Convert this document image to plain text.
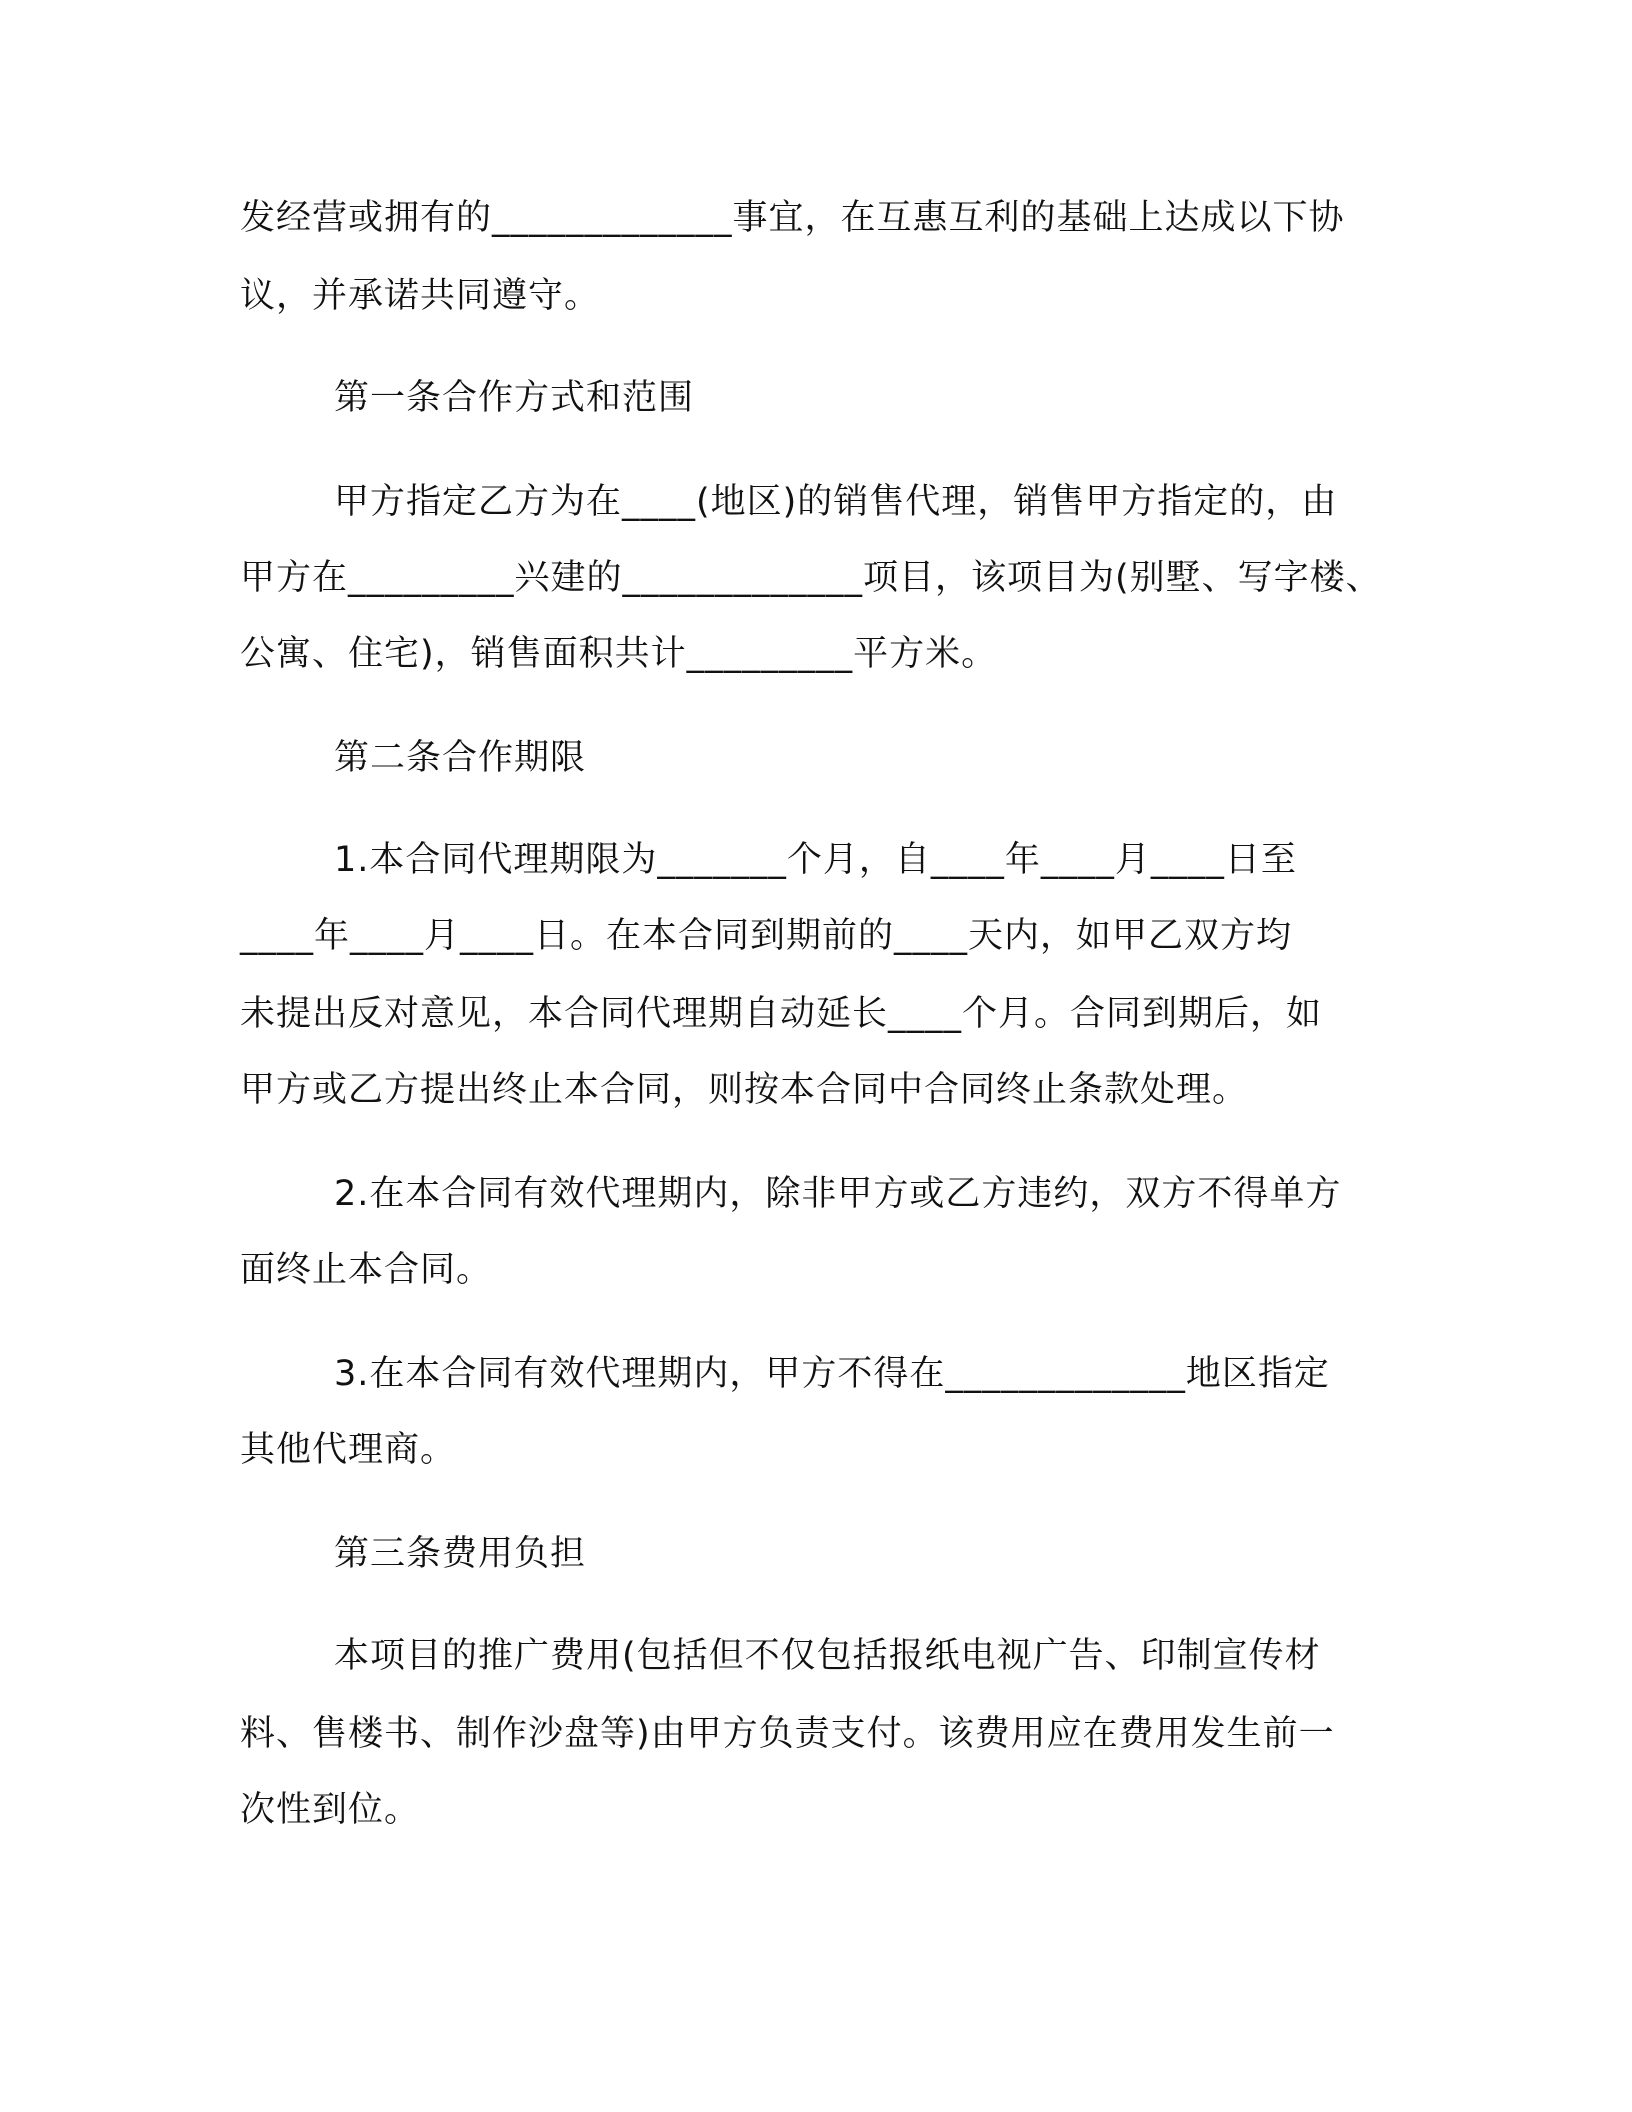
发经营或拥有的_____________事宜，在互惠互利的基础上达成以下协

议，并承诺共同遵守。

第一条合作方式和范围

甲方指定乙方为在____(地区)的销售代理，销售甲方指定的，由

甲方在_________兴建的_____________项目，该项目为(别墅、写字楼、

公寓、住宅)，销售面积共计_________平方米。

第二条合作期限

1.本合同代理期限为_______个月，自____年____月____日至

____年____月____日。在本合同到期前的____天内，如甲乙双方均

未提出反对意见，本合同代理期自动延长____个月。合同到期后，如

甲方或乙方提出终止本合同，则按本合同中合同终止条款处理。

2.在本合同有效代理期内，除非甲方或乙方违约，双方不得单方

面终止本合同。

3.在本合同有效代理期内，甲方不得在_____________地区指定

其他代理商。

第三条费用负担

本项目的推广费用(包括但不仅包括报纸电视广告、印制宣传材

料、售楼书、制作沙盘等)由甲方负责支付。该费用应在费用发生前一

次性到位。
